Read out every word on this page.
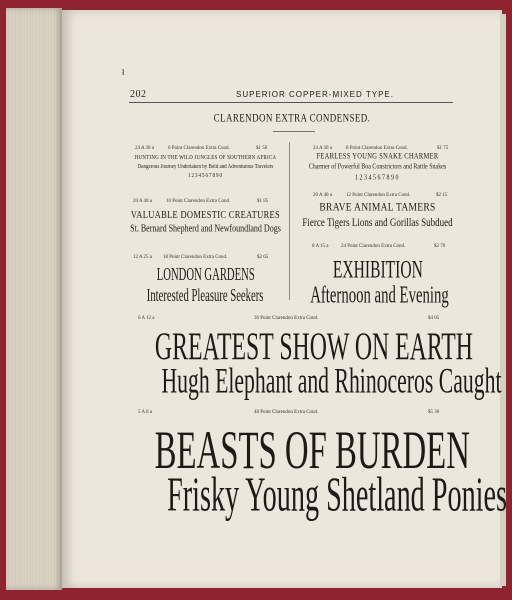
ł
202	SUPERIOR COPPER-MIXED TYPE.
CLARENDON EXTRA CONDENSED.
24 A 30 a	6 Point Clarendon Extra Cond.	$1 50
HUNTING IN THE WILD JUNGLES OF SOUTHERN AFRICA
Dangerous Journey Undertaken by Bold and Adventurous Travelers
1234567890
24 A 30 a	8 Point Clarendon Extra Cond.	$1 75
FEARLESS YOUNG SNAKE CHARMER
Charmer of Powerful Boa Constrictors and Rattle Snakes
1234567890
20 A 40 a	10 Point Clarendon Extra Cond.	$1 85
VALUABLE DOMESTIC CREATURES
St. Bernard Shepherd and Newfoundland Dogs
20 A 40 a	12 Point Clarendon Extra Cond.	$2 15
BRAVE ANIMAL TAMERS
Fierce Tigers Lions and Gorillas Subdued
12 A 25 a 18 Point Clarendon Extra Cond.	$2 65
LONDON GARDENS
Interested Pleasure Seekers
8 A 15 a 24 Point Clarendon Extra Cond.	$2 70
EXHIBITION
Afternoon and Evening
6 A 12 a	36 Point Clarendon Extra Cond.	$4 05
GREATEST SHOW ON EARTH
Hugh Elephant and Rhinoceros Caught
5 A 8 a	48 Point Clarendon Extra Cond.	$5 30
BEASTS OF BURDEN
Frisky Young Shetland Ponies
